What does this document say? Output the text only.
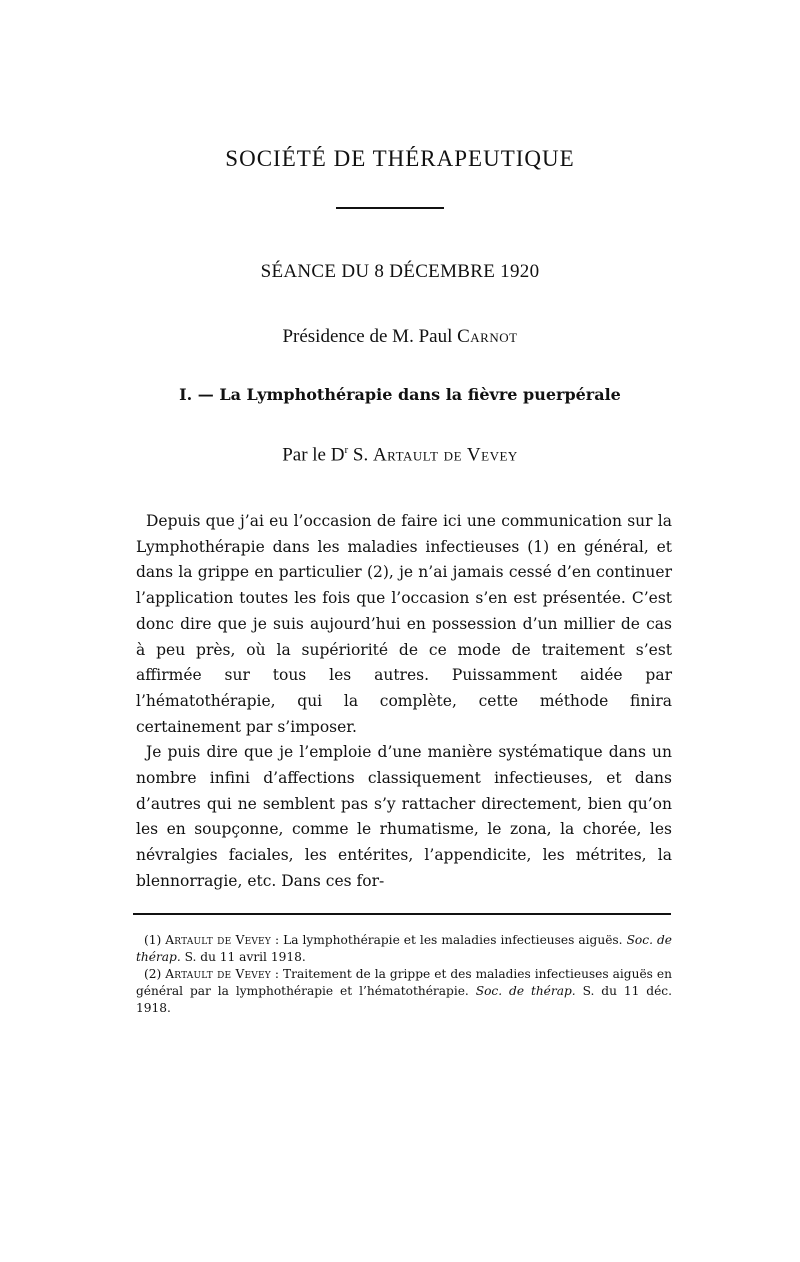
SOCIÉTÉ DE THÉRAPEUTIQUE
SÉANCE DU 8 DÉCEMBRE 1920
Présidence de M. Paul Carnot
I. — La Lymphothérapie dans la fièvre puerpérale
Par le $D^r$ S. Artault de Vevey

Depuis que j’ai eu l’occasion de faire ici une communication sur la Lymphothérapie dans les maladies infectieuses (1) en général, et dans la grippe en particulier (2), je n’ai jamais cessé d’en continuer l’application toutes les fois que l’occasion s’en est présentée. C’est donc dire que je suis aujourd’hui en possession d’un millier de cas à peu près, où la supériorité de ce mode de traitement s’est affirmée sur tous les autres. Puissamment aidée par l’hématothérapie, qui la complète, cette méthode finira certainement par s’imposer.

Je puis dire que je l’emploie d’une manière systématique dans un nombre infini d’affections classiquement infectieuses, et dans d’autres qui ne semblent pas s’y rattacher directement, bien qu’on les en soupçonne, comme le rhumatisme, le zona, la chorée, les névralgies faciales, les entérites, l’appendicite, les métrites, la blennorragie, etc. Dans ces for-

(1) Artault de Vevey : La lymphothérapie et les maladies infectieuses aiguës. Soc. de thérap. S. du 11 avril 1918.

(2) Artault de Vevey : Traitement de la grippe et des maladies infectieuses aiguës en général par la lymphothérapie et l’hématothérapie. Soc. de thérap. S. du 11 déc. 1918.
